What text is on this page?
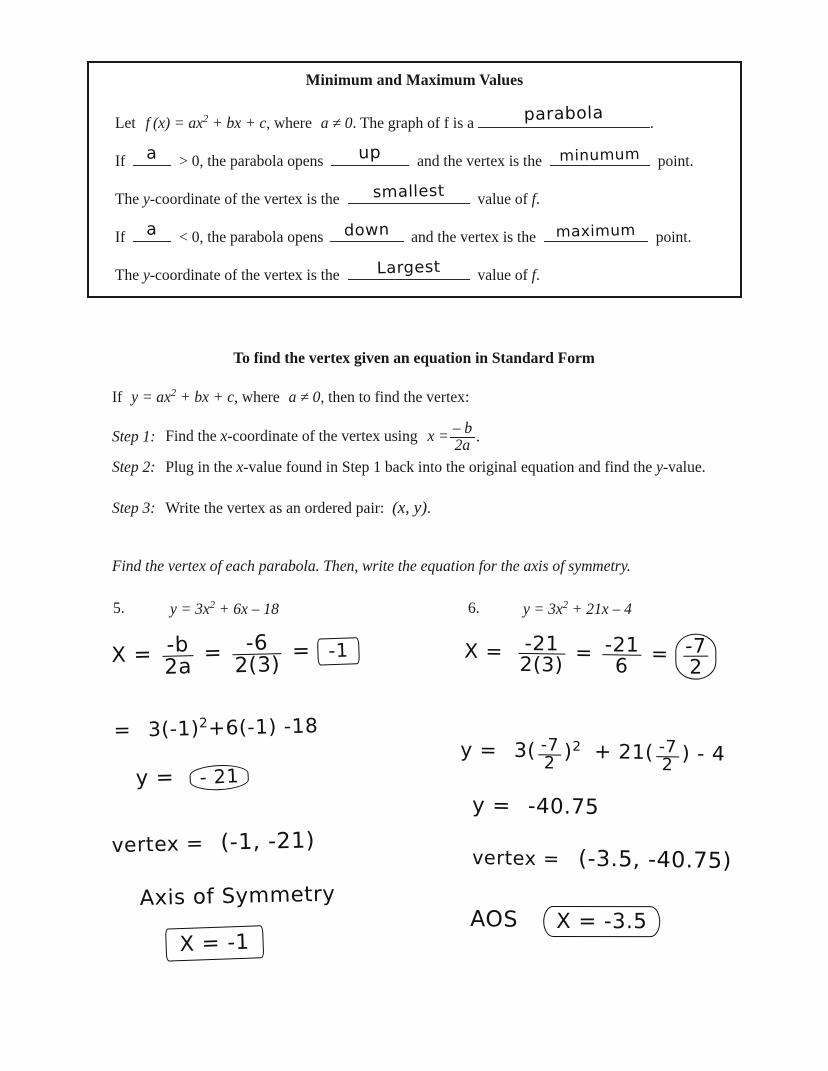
Minimum and Maximum Values
Let f $(x) = ax^2$ + bx + c, where a ≠ 0. The graph of f is a	parabola	.
If	a	> 0, the parabola opens	up	and the vertex is the	minumum	point.
The y-coordinate of the vertex is the	smallest	value of f.
If	a	< 0, the parabola opens	down	and the vertex is the	maximum	point.
The y-coordinate of the vertex is the	Largest	value of f.
To find the vertex given an equation in Standard Form
If $y = ax^2$ + bx + c, where a ≠ 0, then to find the vertex:
Step 1: Find the x-coordinate of the vertex using $x = \frac{- b}{2a}$ .
Step 2: Plug in the x-value found in Step 1 back into the original equation and find the y-value.
Step 3: Write the vertex as an ordered pair: (x, y).
Find the vertex of each parabola. Then, write the equation for the axis of symmetry.
5.	$y = 3x^2 + 6x - 18$
$X = \frac{-b}{2a} = \frac{-6}{2(3)} = -1$
= $3(-1)^2+6(-1)$ -18
y = - 21
vertex = (-1, -21)
Axis of Symmetry
X = -1
6.	$y = 3x^2 + 21x - 4$
$X = \frac{-21}{2(3)} = \frac{-21}{6} = \frac{-7}{2}$
$y = 3( \frac{-7}{2} )^2 + 21( \frac{-7}{2}$ ) - 4
y = -40.75
vertex = (-3.5, -40.75)
AOS X = -3.5
